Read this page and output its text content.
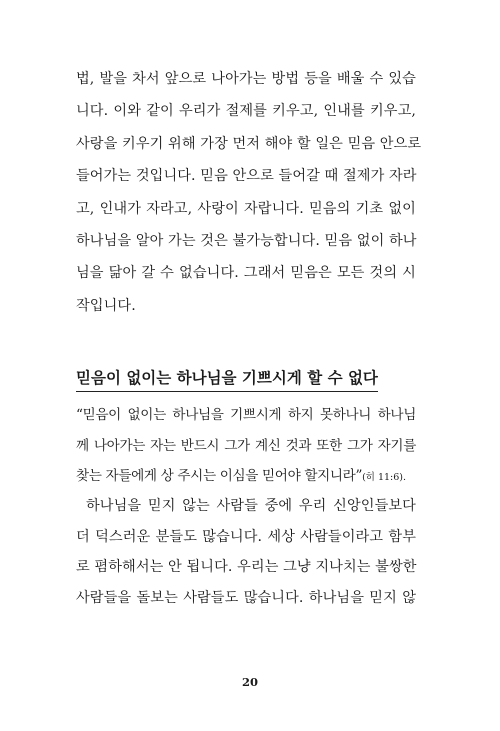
법, 발을 차서 앞으로 나아가는 방법 등을 배울 수 있습
니다. 이와 같이 우리가 절제를 키우고, 인내를 키우고,
사랑을 키우기 위해 가장 먼저 해야 할 일은 믿음 안으로
들어가는 것입니다. 믿음 안으로 들어갈 때 절제가 자라
고, 인내가 자라고, 사랑이 자랍니다. 믿음의 기초 없이
하나님을 알아 가는 것은 불가능합니다. 믿음 없이 하나
님을 닮아 갈 수 없습니다. 그래서 믿음은 모든 것의 시
작입니다.
믿음이 없이는 하나님을 기쁘시게 할 수 없다
“믿음이 없이는 하나님을 기쁘시게 하지 못하나니 하나님
께 나아가는 자는 반드시 그가 계신 것과 또한 그가 자기를
찾는 자들에게 상 주시는 이심을 믿어야 할지니라”(히 11:6).
하나님을 믿지 않는 사람들 중에 우리 신앙인들보다
더 덕스러운 분들도 많습니다. 세상 사람들이라고 함부
로 폄하해서는 안 됩니다. 우리는 그냥 지나치는 불쌍한
사람들을 돌보는 사람들도 많습니다. 하나님을 믿지 않
20
